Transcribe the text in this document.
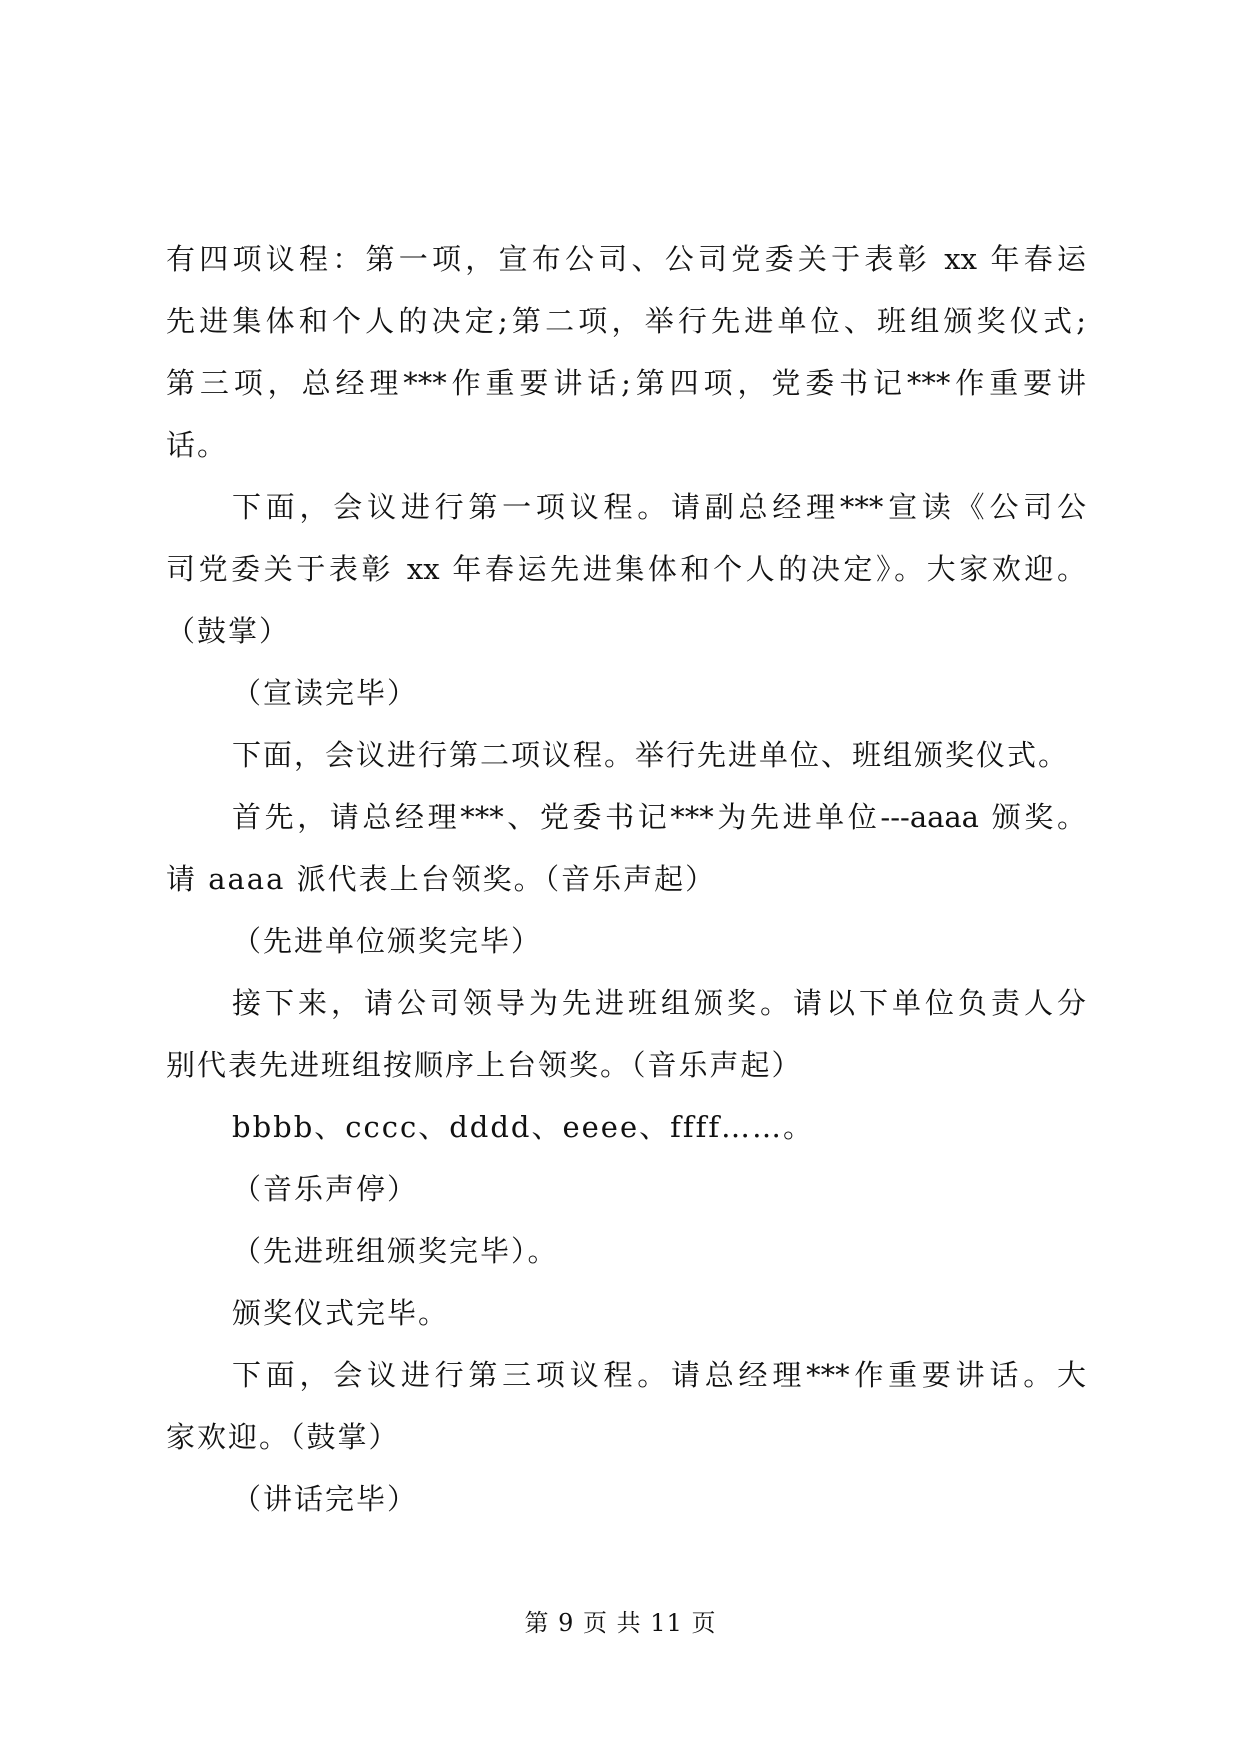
有四项议程：第一项，宣布公司、公司党委关于表彰 xx 年春运
先进集体和个人的决定;第二项，举行先进单位、班组颁奖仪式;
第三项，总经理***作重要讲话;第四项，党委书记***作重要讲
话。
下面，会议进行第一项议程。请副总经理***宣读《公司公
司党委关于表彰 xx 年春运先进集体和个人的决定》。大家欢迎。
（鼓掌）
（宣读完毕）
下面，会议进行第二项议程。举行先进单位、班组颁奖仪式。
首先，请总经理***、党委书记***为先进单位---aaaa 颁奖。
请 aaaa 派代表上台领奖。（音乐声起）
（先进单位颁奖完毕）
接下来，请公司领导为先进班组颁奖。请以下单位负责人分
别代表先进班组按顺序上台领奖。（音乐声起）
bbbb、cccc、dddd、eeee、ffff……。
（音乐声停）
（先进班组颁奖完毕）。
颁奖仪式完毕。
下面，会议进行第三项议程。请总经理***作重要讲话。大
家欢迎。（鼓掌）
（讲话完毕）
第 9 页 共 11 页
